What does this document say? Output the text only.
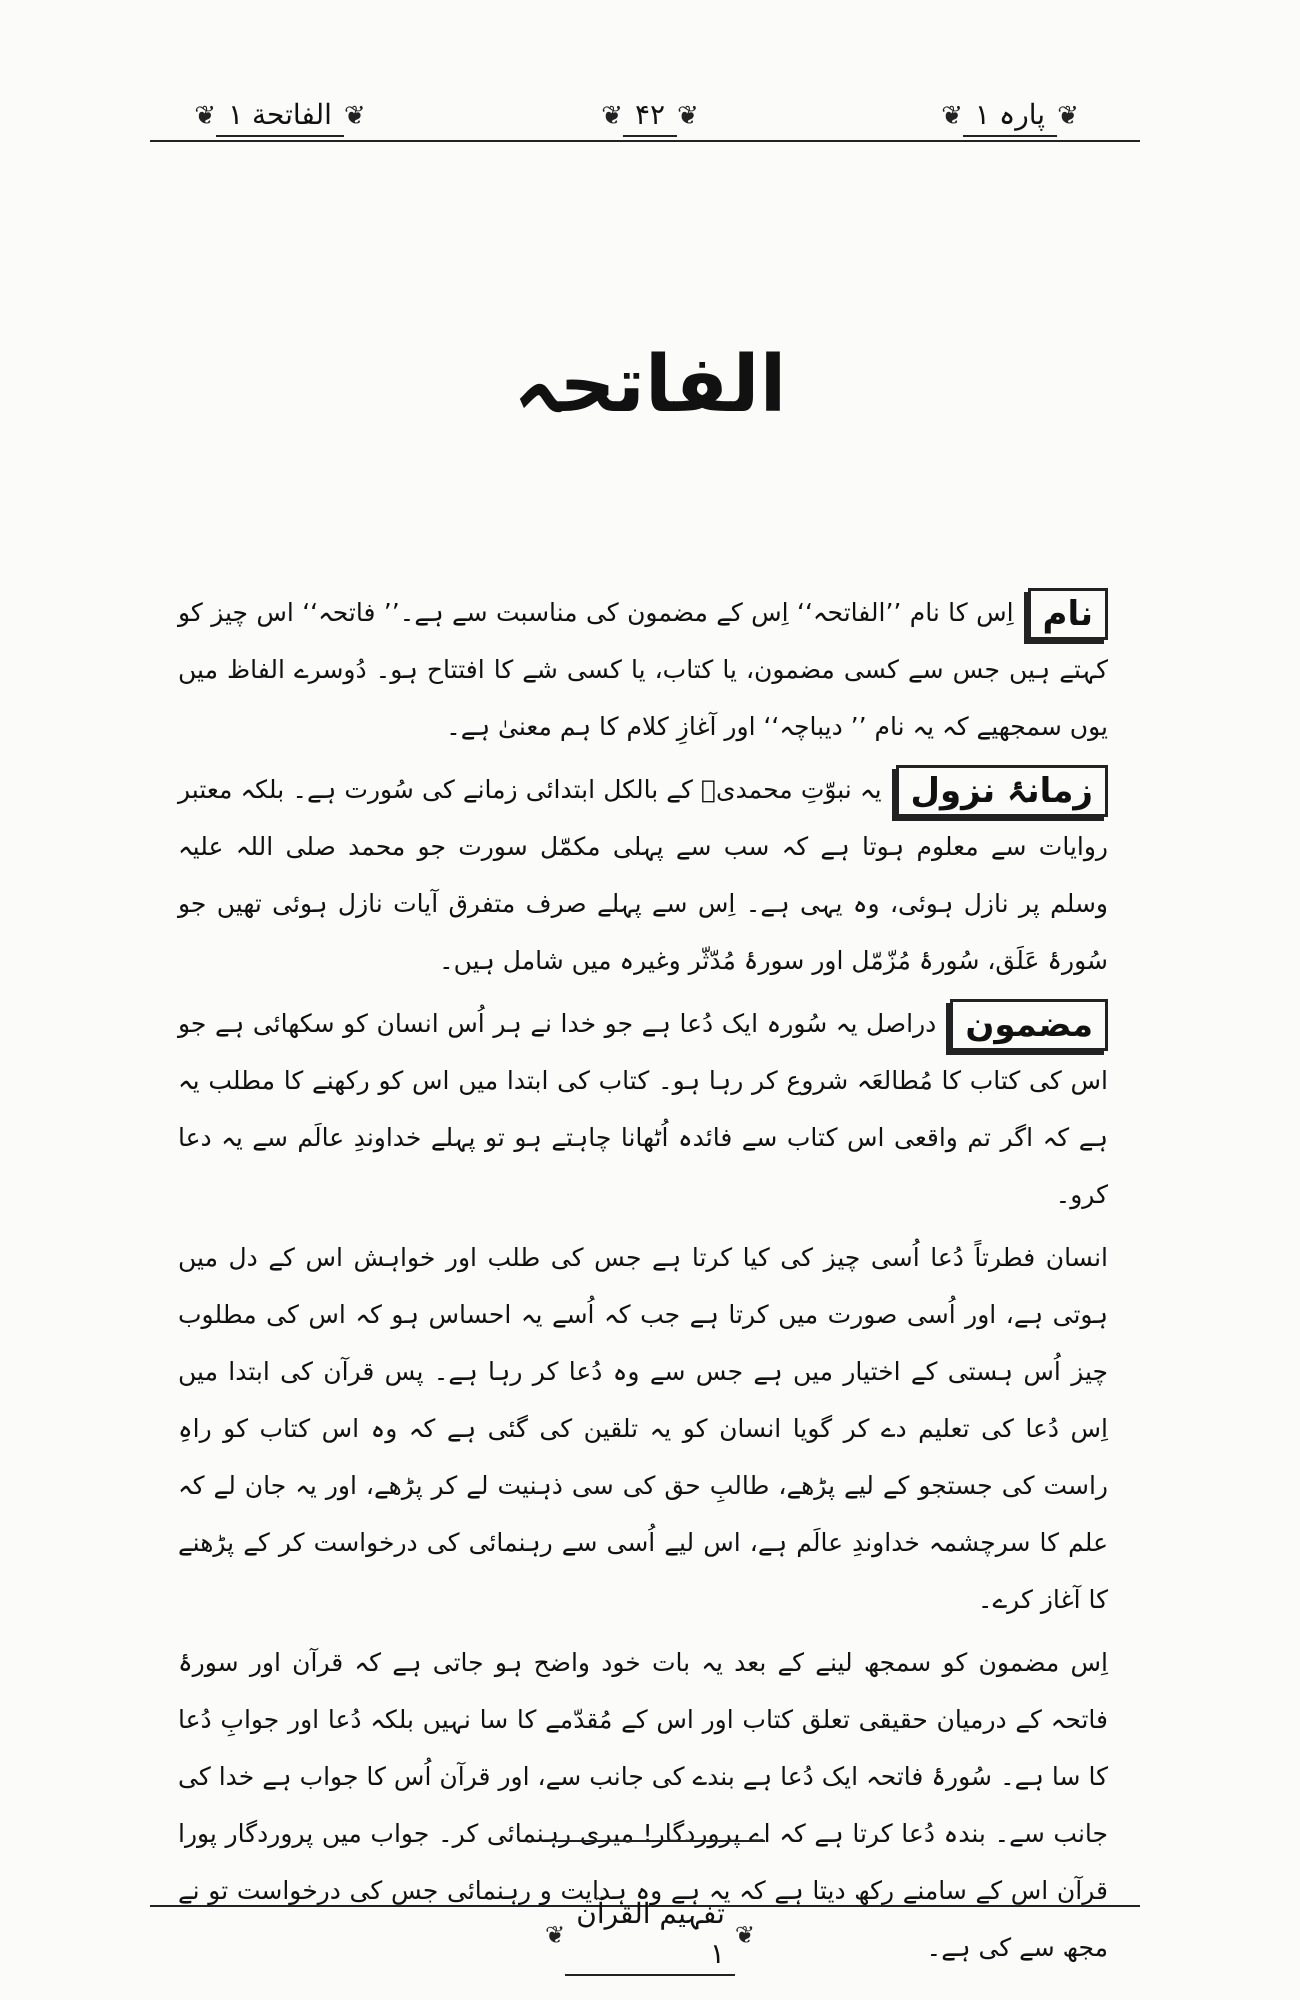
❦ پارہ ۱ ❦
❦ ۴۲ ❦
❦ الفاتحة ۱ ❦
الفاتحہ

ناماِس کا نام ’’الفاتحہ‘‘ اِس کے مضمون کی مناسبت سے ہے۔’’ فاتحہ‘‘ اس چیز کو کہتے ہیں جس سے کسی مضمون، یا کتاب، یا کسی شے کا افتتاح ہو۔ دُوسرے الفاظ میں یوں سمجھیے کہ یہ نام ’’ دیباچہ‘‘ اور آغازِ کلام کا ہم معنیٰ ہے۔

زمانۂ نزولیہ نبوّتِ محمدیؐ کے بالکل ابتدائی زمانے کی سُورت ہے۔ بلکہ معتبر روایات سے معلوم ہوتا ہے کہ سب سے پہلی مکمّل سورت جو محمد صلی اللہ علیہ وسلم پر نازل ہوئی، وہ یہی ہے۔ اِس سے پہلے صرف متفرق آیات نازل ہوئی تھیں جو سُورۂ عَلَق، سُورۂ مُزّمّل اور سورۂ مُدّثّر وغیرہ میں شامل ہیں۔

مضموندراصل یہ سُورہ ایک دُعا ہے جو خدا نے ہر اُس انسان کو سکھائی ہے جو اس کی کتاب کا مُطالعَہ شروع کر رہا ہو۔ کتاب کی ابتدا میں اس کو رکھنے کا مطلب یہ ہے کہ اگر تم واقعی اس کتاب سے فائدہ اُٹھانا چاہتے ہو تو پہلے خداوندِ عالَم سے یہ دعا کرو۔

انسان فطرتاً دُعا اُسی چیز کی کیا کرتا ہے جس کی طلب اور خواہش اس کے دل میں ہوتی ہے، اور اُسی صورت میں کرتا ہے جب کہ اُسے یہ احساس ہو کہ اس کی مطلوب چیز اُس ہستی کے اختیار میں ہے جس سے وہ دُعا کر رہا ہے۔ پس قرآن کی ابتدا میں اِس دُعا کی تعلیم دے کر گویا انسان کو یہ تلقین کی گئی ہے کہ وہ اس کتاب کو راہِ راست کی جستجو کے لیے پڑھے، طالبِ حق کی سی ذہنیت لے کر پڑھے، اور یہ جان لے کہ علم کا سرچشمہ خداوندِ عالَم ہے، اس لیے اُسی سے رہنمائی کی درخواست کر کے پڑھنے کا آغاز کرے۔

اِس مضمون کو سمجھ لینے کے بعد یہ بات خود واضح ہو جاتی ہے کہ قرآن اور سورۂ فاتحہ کے درمیان حقیقی تعلق کتاب اور اس کے مُقدّمے کا سا نہیں بلکہ دُعا اور جوابِ دُعا کا سا ہے۔ سُورۂ فاتحہ ایک دُعا ہے بندے کی جانب سے، اور قرآن اُس کا جواب ہے خدا کی جانب سے۔ بندہ دُعا کرتا ہے کہ اے پروردگار! میری رہنمائی کر۔ جواب میں پروردگار پورا قرآن اس کے سامنے رکھ دیتا ہے کہ یہ ہے وہ ہدایت و رہنمائی جس کی درخواست تو نے مجھ سے کی ہے۔

❦
تفہیم القرآن ۱
❦
